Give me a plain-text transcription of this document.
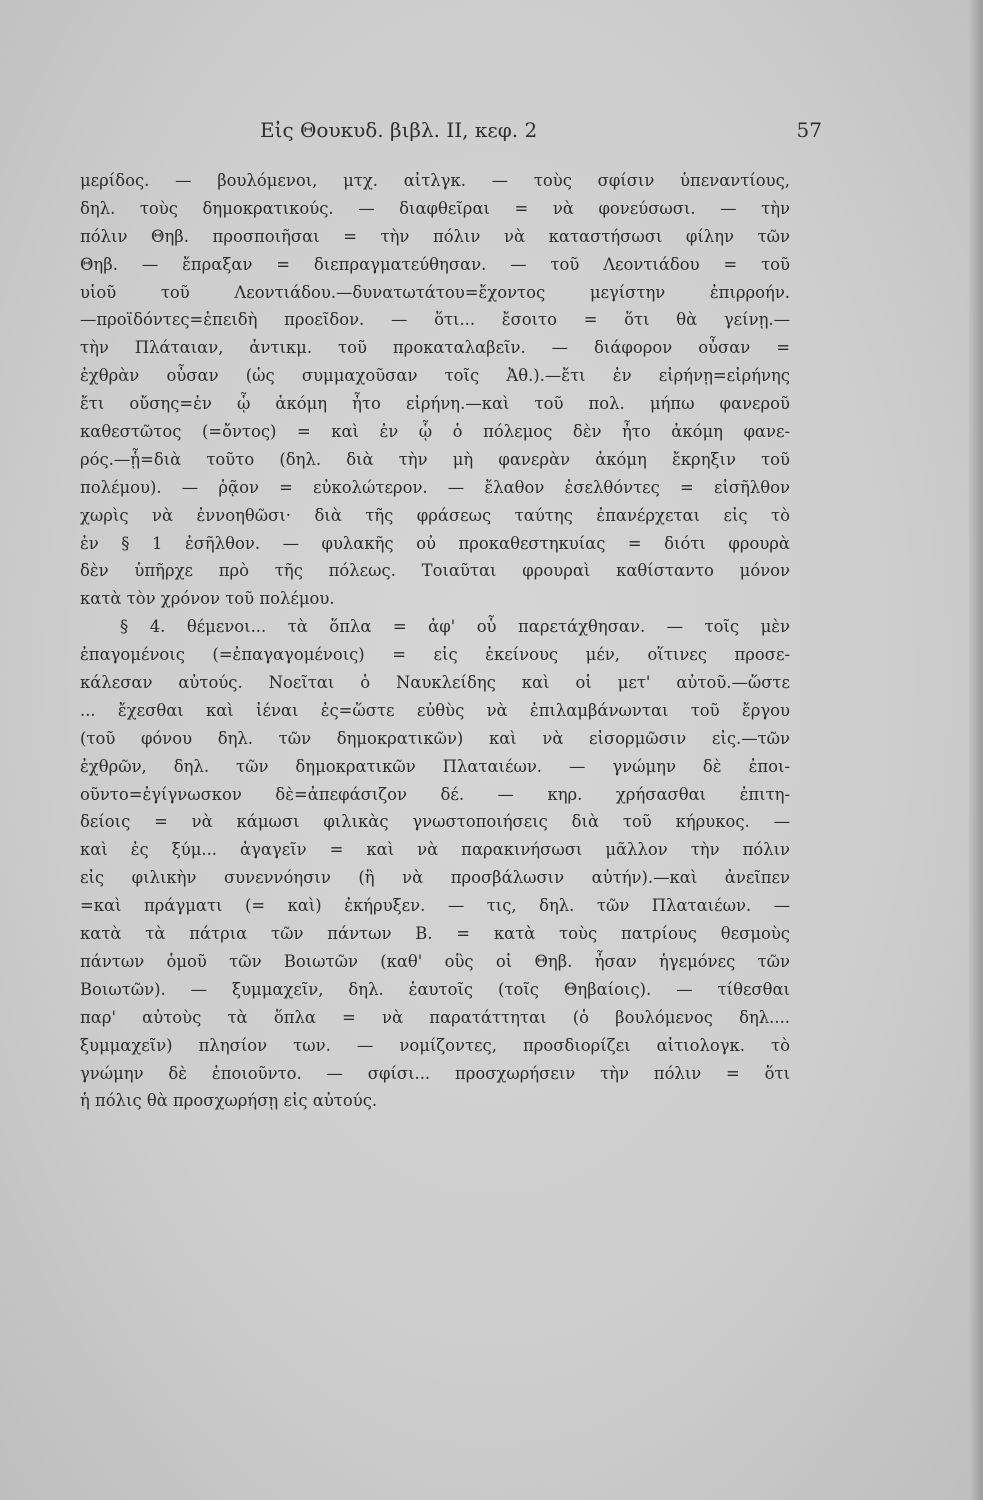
Εἰς Θουκυδ. βιβλ. II, κεφ. 2	57
μερίδος. — βουλόμενοι, μτχ. αἰτλγκ. — τοὺς σφίσιν ὑπεναντίους,
δηλ. τοὺς δημοκρατικούς. — διαφθεῖραι = νὰ φονεύσωσι. — τὴν
πόλιν Θηβ. προσποιῆσαι = τὴν πόλιν νὰ καταστήσωσι φίλην τῶν
Θηβ. — ἔπραξαν = διεπραγματεύθησαν. — τοῦ Λεοντιάδου = τοῦ
υἱοῦ τοῦ Λεοντιάδου.—δυνατωτάτου=ἔχοντος μεγίστην ἐπιρροήν.
—προϊδόντες=ἐπειδὴ προεῖδον. — ὅτι... ἔσοιτο = ὅτι θὰ γείνῃ.—
τὴν Πλάταιαν, ἀντικμ. τοῦ προκαταλαβεῖν. — διάφορον οὖσαν =
ἐχθρὰν οὖσαν (ὡς συμμαχοῦσαν τοῖς Ἀθ.).—ἔτι ἐν εἰρήνῃ=εἰρήνης
ἔτι οὔσης=ἐν ᾧ ἀκόμη ἦτο εἰρήνη.—καὶ τοῦ πολ. μήπω φανεροῦ
καθεστῶτος (=ὄντος) = καὶ ἐν ᾧ ὁ πόλεμος δὲν ἦτο ἀκόμη φανε-
ρός.—ᾗ=διὰ τοῦτο (δηλ. διὰ τὴν μὴ φανερὰν ἀκόμη ἔκρηξιν τοῦ
πολέμου). — ῥᾷον = εὐκολώτερον. — ἔλαθον ἐσελθόντες = εἰσῆλθον
χωρὶς νὰ ἐννοηθῶσι· διὰ τῆς φράσεως ταύτης ἐπανέρχεται εἰς τὸ
ἐν § 1 ἐσῆλθον. — φυλακῆς οὐ προκαθεστηκυίας = διότι φρουρὰ
δὲν ὑπῆρχε πρὸ τῆς πόλεως. Τοιαῦται φρουραὶ καθίσταντο μόνον
κατὰ τὸν χρόνον τοῦ πολέμου.
§ 4. θέμενοι... τὰ ὅπλα = ἀφ' οὗ παρετάχθησαν. — τοῖς μὲν
ἐπαγομένοις (=ἐπαγαγομένοις) = εἰς ἐκείνους μέν, οἵτινες προσε-
κάλεσαν αὐτούς. Νοεῖται ὁ Ναυκλείδης καὶ οἱ μετ' αὐτοῦ.—ὥστε
... ἔχεσθαι καὶ ἰέναι ἐς=ὥστε εὐθὺς νὰ ἐπιλαμβάνωνται τοῦ ἔργου
(τοῦ φόνου δηλ. τῶν δημοκρατικῶν) καὶ νὰ εἰσορμῶσιν εἰς.—τῶν
ἐχθρῶν, δηλ. τῶν δημοκρατικῶν Πλαταιέων. — γνώμην δὲ ἐποι-
οῦντο=ἐγίγνωσκον δὲ=ἀπεφάσιζον δέ. — κηρ. χρήσασθαι ἐπιτη-
δείοις = νὰ κάμωσι φιλικὰς γνωστοποιήσεις διὰ τοῦ κήρυκος. —
καὶ ἐς ξύμ... ἀγαγεῖν = καὶ νὰ παρακινήσωσι μᾶλλον τὴν πόλιν
εἰς φιλικὴν συνεννόησιν (ἢ νὰ προσβάλωσιν αὐτήν).—καὶ ἀνεῖπεν
=καὶ πράγματι (= καὶ) ἐκήρυξεν. — τις, δηλ. τῶν Πλαταιέων. —
κατὰ τὰ πάτρια τῶν πάντων Β. = κατὰ τοὺς πατρίους θεσμοὺς
πάντων ὁμοῦ τῶν Βοιωτῶν (καθ' οὓς οἱ Θηβ. ἦσαν ἡγεμόνες τῶν
Βοιωτῶν). — ξυμμαχεῖν, δηλ. ἑαυτοῖς (τοῖς Θηβαίοις). — τίθεσθαι
παρ' αὐτοὺς τὰ ὅπλα = νὰ παρατάττηται (ὁ βουλόμενος δηλ....
ξυμμαχεῖν) πλησίον των. — νομίζοντες, προσδιορίζει αἰτιολογκ. τὸ
γνώμην δὲ ἐποιοῦντο. — σφίσι... προσχωρήσειν τὴν πόλιν = ὅτι
ἡ πόλις θὰ προσχωρήσῃ εἰς αὐτούς.
